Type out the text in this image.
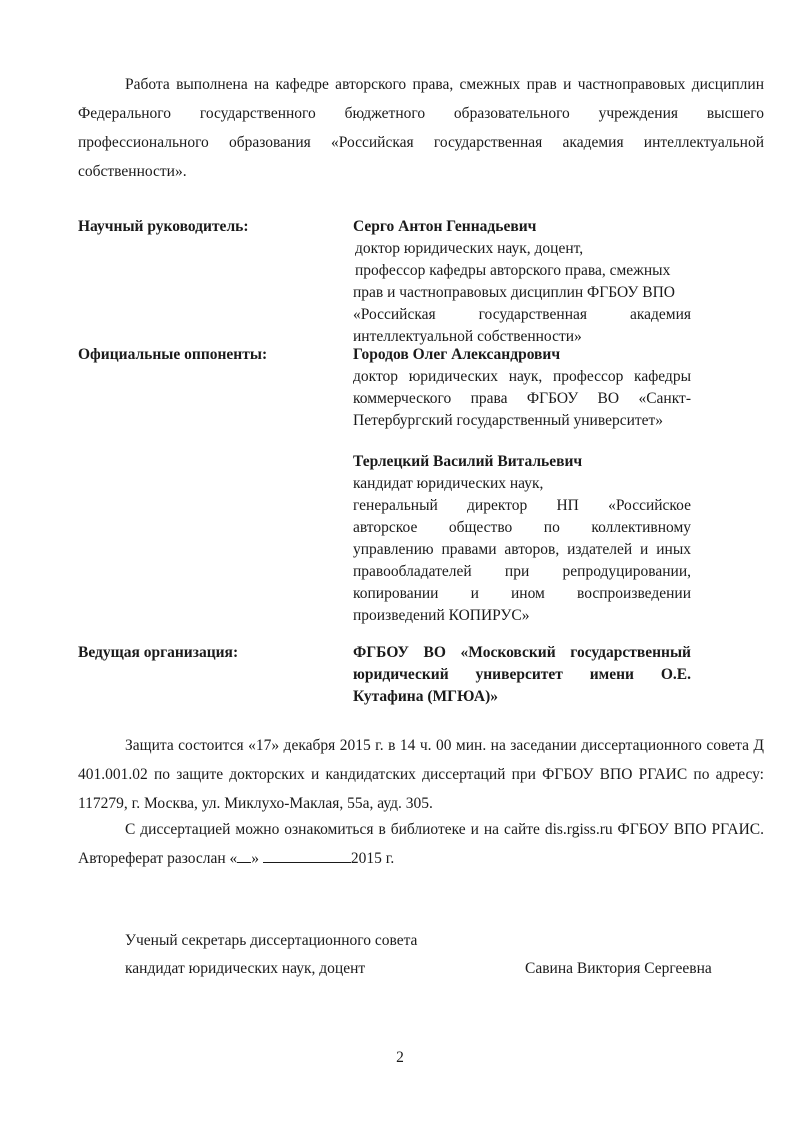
Работа выполнена на кафедре авторского права, смежных прав и частноправовых дисциплин Федерального государственного бюджетного образовательного учреждения высшего профессионального образования «Российская государственная академия интеллектуальной собственности».

Научный руководитель:	Серго Антон Геннадьевич
доктор юридических наук, доцент,
профессор кафедры авторского права, смежных
прав и частноправовых дисциплин ФГБОУ ВПО
«Российская государственная академия
интеллектуальной собственности»
Официальные оппоненты:	Городов Олег Александрович
доктор юридических наук, профессор кафедры
коммерческого права ФГБОУ ВО «Санкт-
Петербургский государственный университет»
Терлецкий Василий Витальевич
кандидат юридических наук,
генеральный директор НП «Российское
авторское общество по коллективному
управлению правами авторов, издателей и иных
правообладателей при репродуцировании,
копировании и ином воспроизведении
произведений КОПИРУС»
Ведущая организация:	ФГБОУ ВО «Московский государственный
юридический университет имени О.Е.
Кутафина (МГЮА)»

Защита состоится «17» декабря 2015 г. в 14 ч. 00 мин. на заседании диссертационного совета Д 401.001.02 по защите докторских и кандидатских диссертаций при ФГБОУ ВПО РГАИС по адресу: 117279, г. Москва, ул. Миклухо-Маклая, 55а, ауд. 305.

С диссертацией можно ознакомиться в библиотеке и на сайте dis.rgiss.ru ФГБОУ ВПО РГАИС. Автореферат разослан « »	2015 г.

Ученый секретарь диссертационного совета
кандидат юридических наук, доцент	Савина Виктория Сергеевна
2
